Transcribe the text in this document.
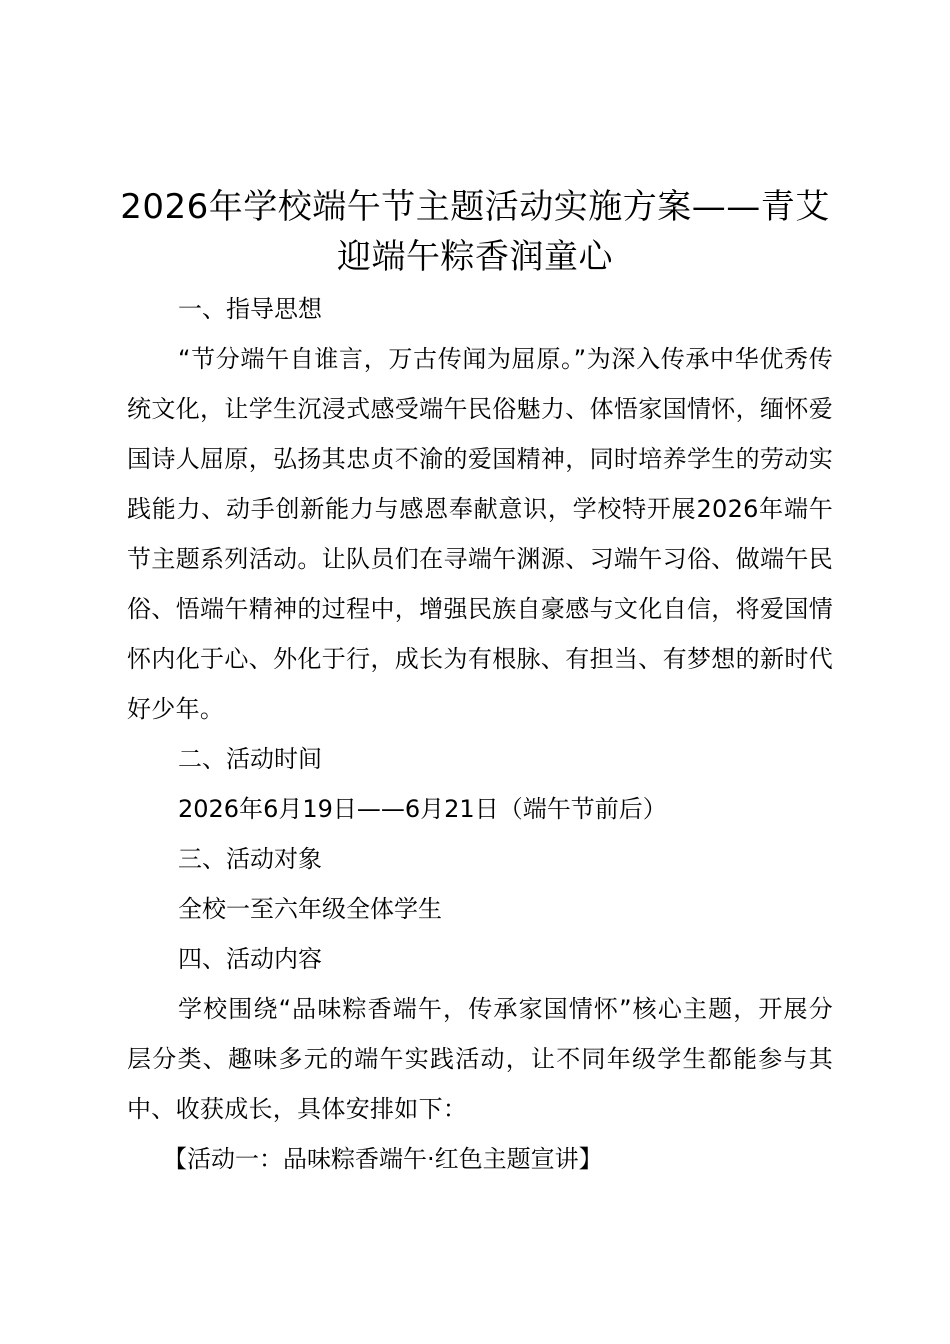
2026年学校端午节主题活动实施方案——青艾迎端午粽香润童心

一、指导思想

“节分端午自谁言，万古传闻为屈原。”为深入传承中华优秀传统文化，让学生沉浸式感受端午民俗魅力、体悟家国情怀，缅怀爱国诗人屈原，弘扬其忠贞不渝的爱国精神，同时培养学生的劳动实践能力、动手创新能力与感恩奉献意识，学校特开展2026年端午节主题系列活动。让队员们在寻端午渊源、习端午习俗、做端午民俗、悟端午精神的过程中，增强民族自豪感与文化自信，将爱国情怀内化于心、外化于行，成长为有根脉、有担当、有梦想的新时代好少年。

二、活动时间

2026年6月19日——6月21日（端午节前后）

三、活动对象

全校一至六年级全体学生

四、活动内容

学校围绕“品味粽香端午，传承家国情怀”核心主题，开展分层分类、趣味多元的端午实践活动，让不同年级学生都能参与其中、收获成长，具体安排如下：

【活动一：品味粽香端午·红色主题宣讲】
